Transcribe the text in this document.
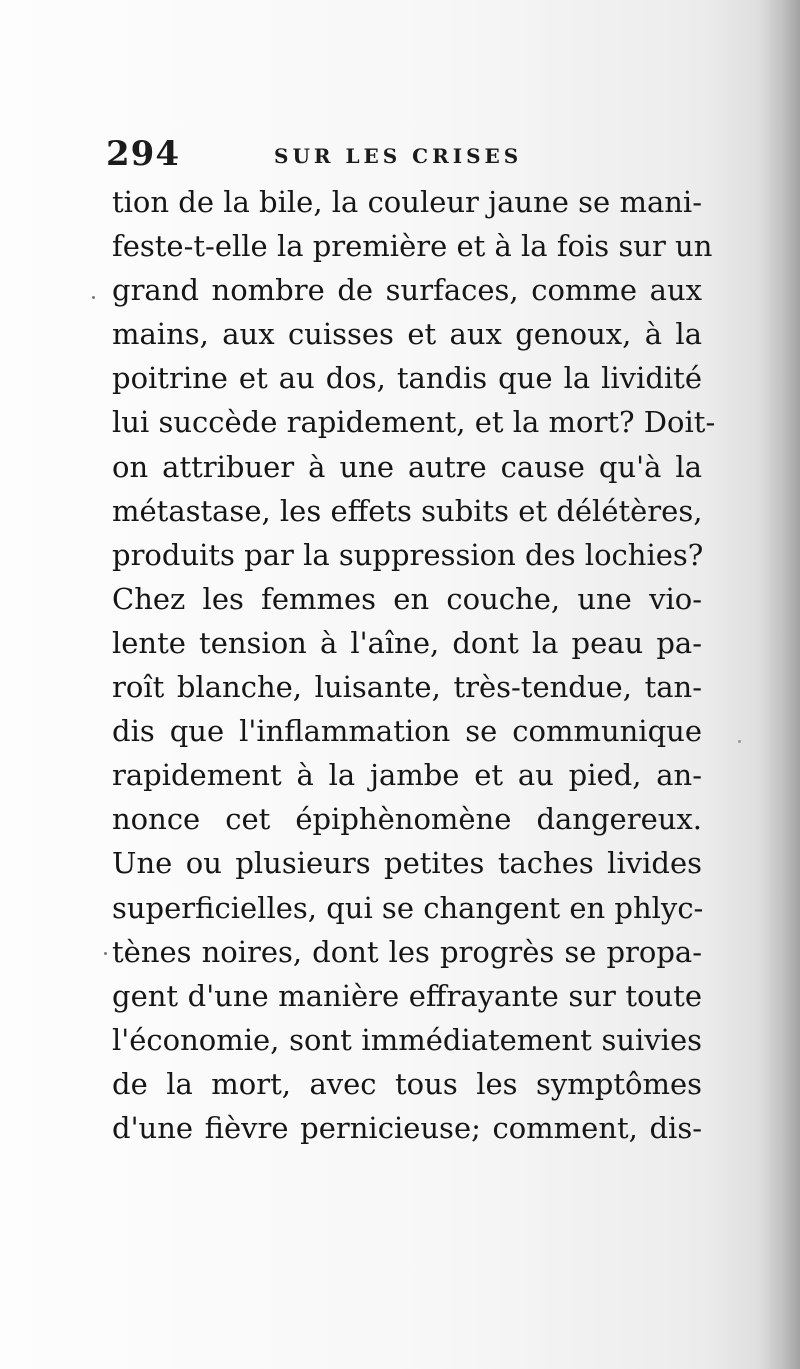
294	SUR LES CRISES
tion de la bile, la couleur jaune se mani-
feste-t-elle la première et à la fois sur un
grand nombre de surfaces, comme aux
mains, aux cuisses et aux genoux, à la
poitrine et au dos, tandis que la lividité
lui succède rapidement, et la mort? Doit-
on attribuer à une autre cause qu'à la
métastase, les effets subits et délétères,
produits par la suppression des lochies?
Chez les femmes en couche, une vio-
lente tension à l'aîne, dont la peau pa-
roît blanche, luisante, très-tendue, tan-
dis que l'inflammation se communique
rapidement à la jambe et au pied, an-
nonce cet épiphènomène dangereux.
Une ou plusieurs petites taches livides
superficielles, qui se changent en phlyc-
tènes noires, dont les progrès se propa-
gent d'une manière effrayante sur toute
l'économie, sont immédiatement suivies
de la mort, avec tous les symptômes
d'une fièvre pernicieuse; comment, dis-
